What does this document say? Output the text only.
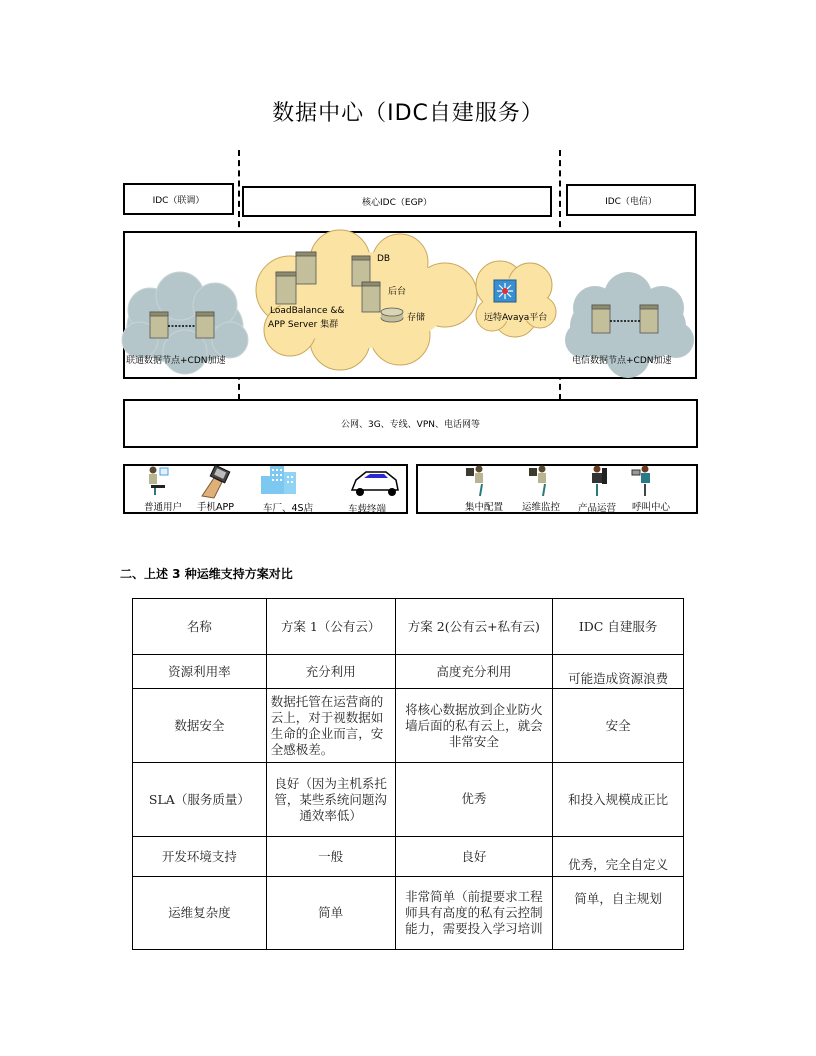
数据中心（IDC自建服务）
IDC（联调）	核心IDC（EGP）	IDC（电信）
联通数据节点+CDN加速	电信数据节点+CDN加速
LoadBalance &&
APP Server 集群
DB
后台
存储	远特Avaya平台
公网、3G、专线、VPN、电话网等
普通用户 手机APP	车厂、4S店	车载终端	集中配置 运维监控 产品运营 呼叫中心
二、上述 3 种运维支持方案对比
名称	方案 1（公有云）	方案 2(公有云+私有云)	IDC 自建服务
资源利用率	充分利用	高度充分利用	可能造成资源浪费
数据安全	数据托管在运营商的云上，对于视数据如生命的企业而言，安全感极差。	将核心数据放到企业防火墙后面的私有云上，就会非常安全	安全
SLA（服务质量）	良好（因为主机系托管，某些系统问题沟通效率低）	优秀	和投入规模成正比
开发环境支持	一般	良好	优秀，完全自定义
运维复杂度	简单	非常简单（前提要求工程师具有高度的私有云控制能力，需要投入学习培训	简单，自主规划
